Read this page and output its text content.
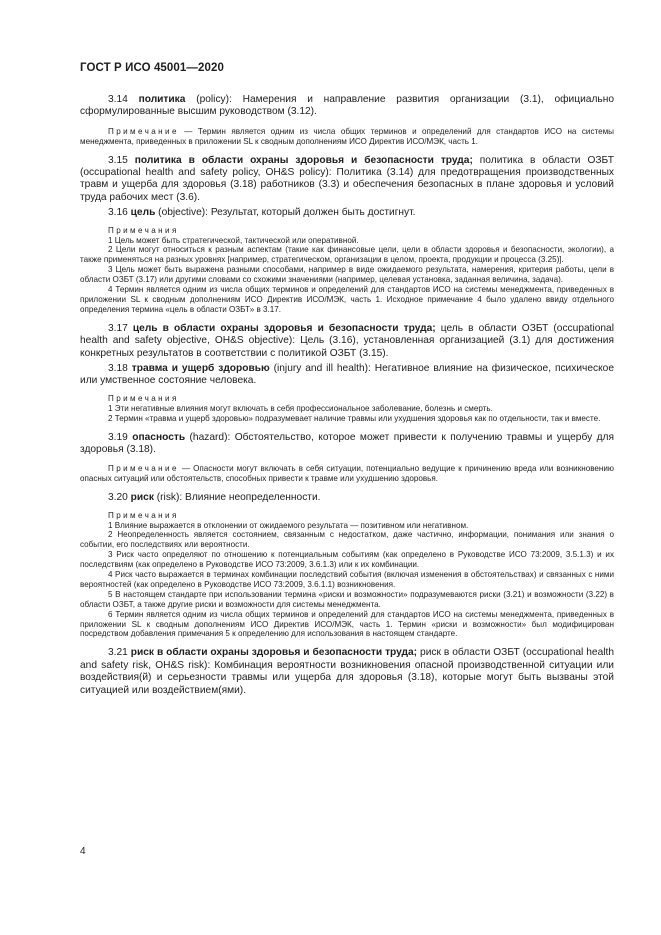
ГОСТ Р ИСО 45001—2020

3.14 политика (policy): Намерения и направление развития организации (3.1), официально сформулированные высшим руководством (3.12).

Примечание — Термин является одним из числа общих терминов и определений для стандартов ИСО на системы менеджмента, приведенных в приложении SL к сводным дополнениям ИСО Директив ИСО/МЭК, часть 1.

3.15 политика в области охраны здоровья и безопасности труда; политика в области ОЗБТ (occupational health and safety policy, OH&S policy): Политика (3.14) для предотвращения производственных травм и ущерба для здоровья (3.18) работников (3.3) и обеспечения безопасных в плане здоровья и условий труда рабочих мест (3.6).

3.16 цель (objective): Результат, который должен быть достигнут.

Примечания

1 Цель может быть стратегической, тактической или оперативной.

2 Цели могут относиться к разным аспектам (такие как финансовые цели, цели в области здоровья и безопасности, экологии), а также применяться на разных уровнях [например, стратегическом, организации в целом, проекта, продукции и процесса (3.25)].

3 Цель может быть выражена разными способами, например в виде ожидаемого результата, намерения, критерия работы, цели в области ОЗБТ (3.17) или другими словами со схожими значениями (например, целевая установка, заданная величина, задача).

4 Термин является одним из числа общих терминов и определений для стандартов ИСО на системы менеджмента, приведенных в приложении SL к сводным дополнениям ИСО Директив ИСО/МЭК, часть 1. Исходное примечание 4 было удалено ввиду отдельного определения термина «цель в области ОЗБТ» в 3.17.

3.17 цель в области охраны здоровья и безопасности труда; цель в области ОЗБТ (occupational health and safety objective, OH&S objective): Цель (3.16), установленная организацией (3.1) для достижения конкретных результатов в соответствии с политикой ОЗБТ (3.15).

3.18 травма и ущерб здоровью (injury and ill health): Негативное влияние на физическое, психическое или умственное состояние человека.

Примечания

1 Эти негативные влияния могут включать в себя профессиональное заболевание, болезнь и смерть.

2 Термин «травма и ущерб здоровью» подразумевает наличие травмы или ухудшения здоровья как по отдельности, так и вместе.

3.19 опасность (hazard): Обстоятельство, которое может привести к получению травмы и ущербу для здоровья (3.18).

Примечание — Опасности могут включать в себя ситуации, потенциально ведущие к причинению вреда или возникновению опасных ситуаций или обстоятельств, способных привести к травме или ухудшению здоровья.

3.20 риск (risk): Влияние неопределенности.

Примечания

1 Влияние выражается в отклонении от ожидаемого результата — позитивном или негативном.

2 Неопределенность является состоянием, связанным с недостатком, даже частично, информации, понимания или знания о событии, его последствиях или вероятности.

3 Риск часто определяют по отношению к потенциальным событиям (как определено в Руководстве ИСО 73:2009, 3.5.1.3) и их последствиям (как определено в Руководстве ИСО 73:2009, 3.6.1.3) или к их комбинации.

4 Риск часто выражается в терминах комбинации последствий события (включая изменения в обстоятельствах) и связанных с ними вероятностей (как определено в Руководстве ИСО 73:2009, 3.6.1.1) возникновения.

5 В настоящем стандарте при использовании термина «риски и возможности» подразумеваются риски (3.21) и возможности (3.22) в области ОЗБТ, а также другие риски и возможности для системы менеджмента.

6 Термин является одним из числа общих терминов и определений для стандартов ИСО на системы менеджмента, приведенных в приложении SL к сводным дополнениям ИСО Директив ИСО/МЭК, часть 1. Термин «риски и возможности» был модифицирован посредством добавления примечания 5 к определению для использования в настоящем стандарте.

3.21 риск в области охраны здоровья и безопасности труда; риск в области ОЗБТ (occupational health and safety risk, OH&S risk): Комбинация вероятности возникновения опасной производственной ситуации или воздействия(й) и серьезности травмы или ущерба для здоровья (3.18), которые могут быть вызваны этой ситуацией или воздействием(ями).

4
